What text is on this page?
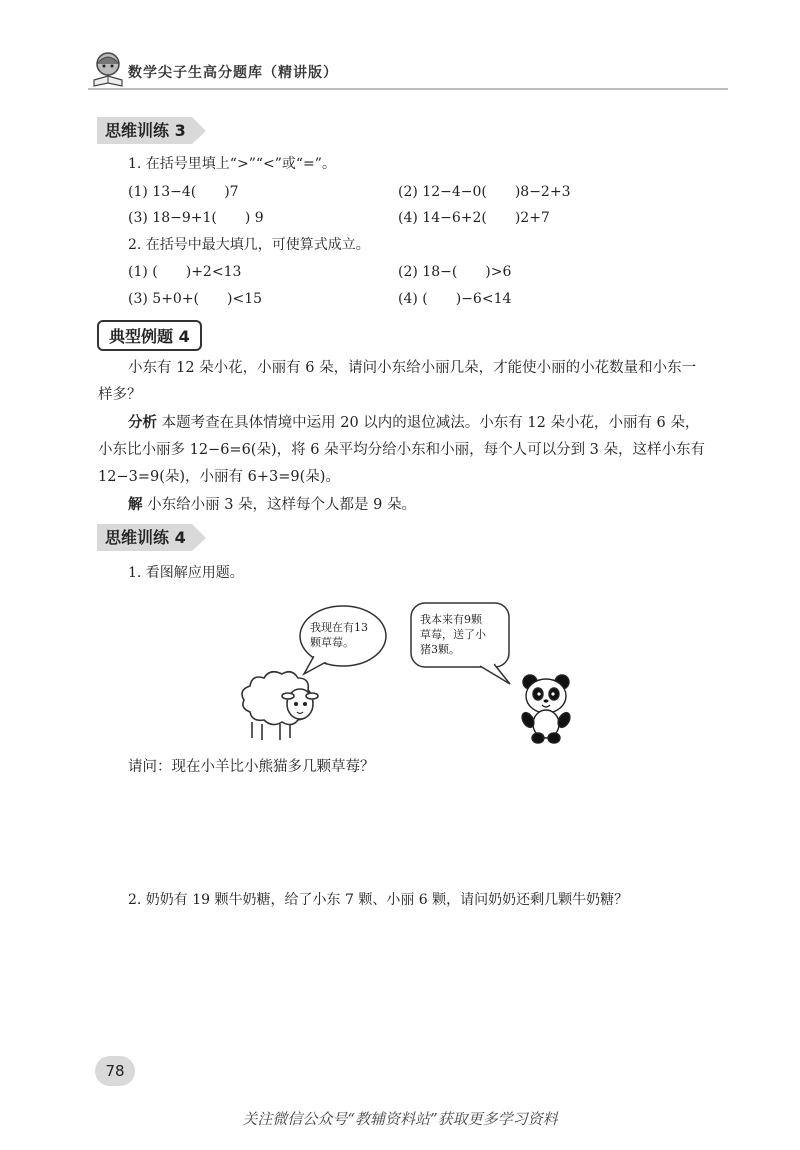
数学尖子生高分题库（精讲版）
思维训练 3
1. 在括号里填上“>”“<”或“=”。
(1) 13−4(　　)7	(2) 12−4−0(　　)8−2+3
(3) 18−9+1(　　) 9	(4) 14−6+2(　　)2+7
2. 在括号中最大填几，可使算式成立。
(1) (　　)+2<13	(2) 18−(　　)>6
(3) 5+0+(　　)<15	(4) (　　)−6<14
典型例题 4
小东有 12 朵小花，小丽有 6 朵，请问小东给小丽几朵，才能使小丽的小花数量和小东一
样多？
分析 本题考查在具体情境中运用 20 以内的退位减法。小东有 12 朵小花，小丽有 6 朵，
小东比小丽多 12−6=6(朵)，将 6 朵平均分给小东和小丽，每个人可以分到 3 朵，这样小东有
12−3=9(朵)，小丽有 6+3=9(朵)。
解 小东给小丽 3 朵，这样每个人都是 9 朵。
思维训练 4
1. 看图解应用题。
我现在有13颗草莓。
我本来有9颗草莓，送了小猪3颗。
请问：现在小羊比小熊猫多几颗草莓？
2. 奶奶有 19 颗牛奶糖，给了小东 7 颗、小丽 6 颗，请问奶奶还剩几颗牛奶糖？
78
关注微信公众号“教辅资料站”获取更多学习资料
